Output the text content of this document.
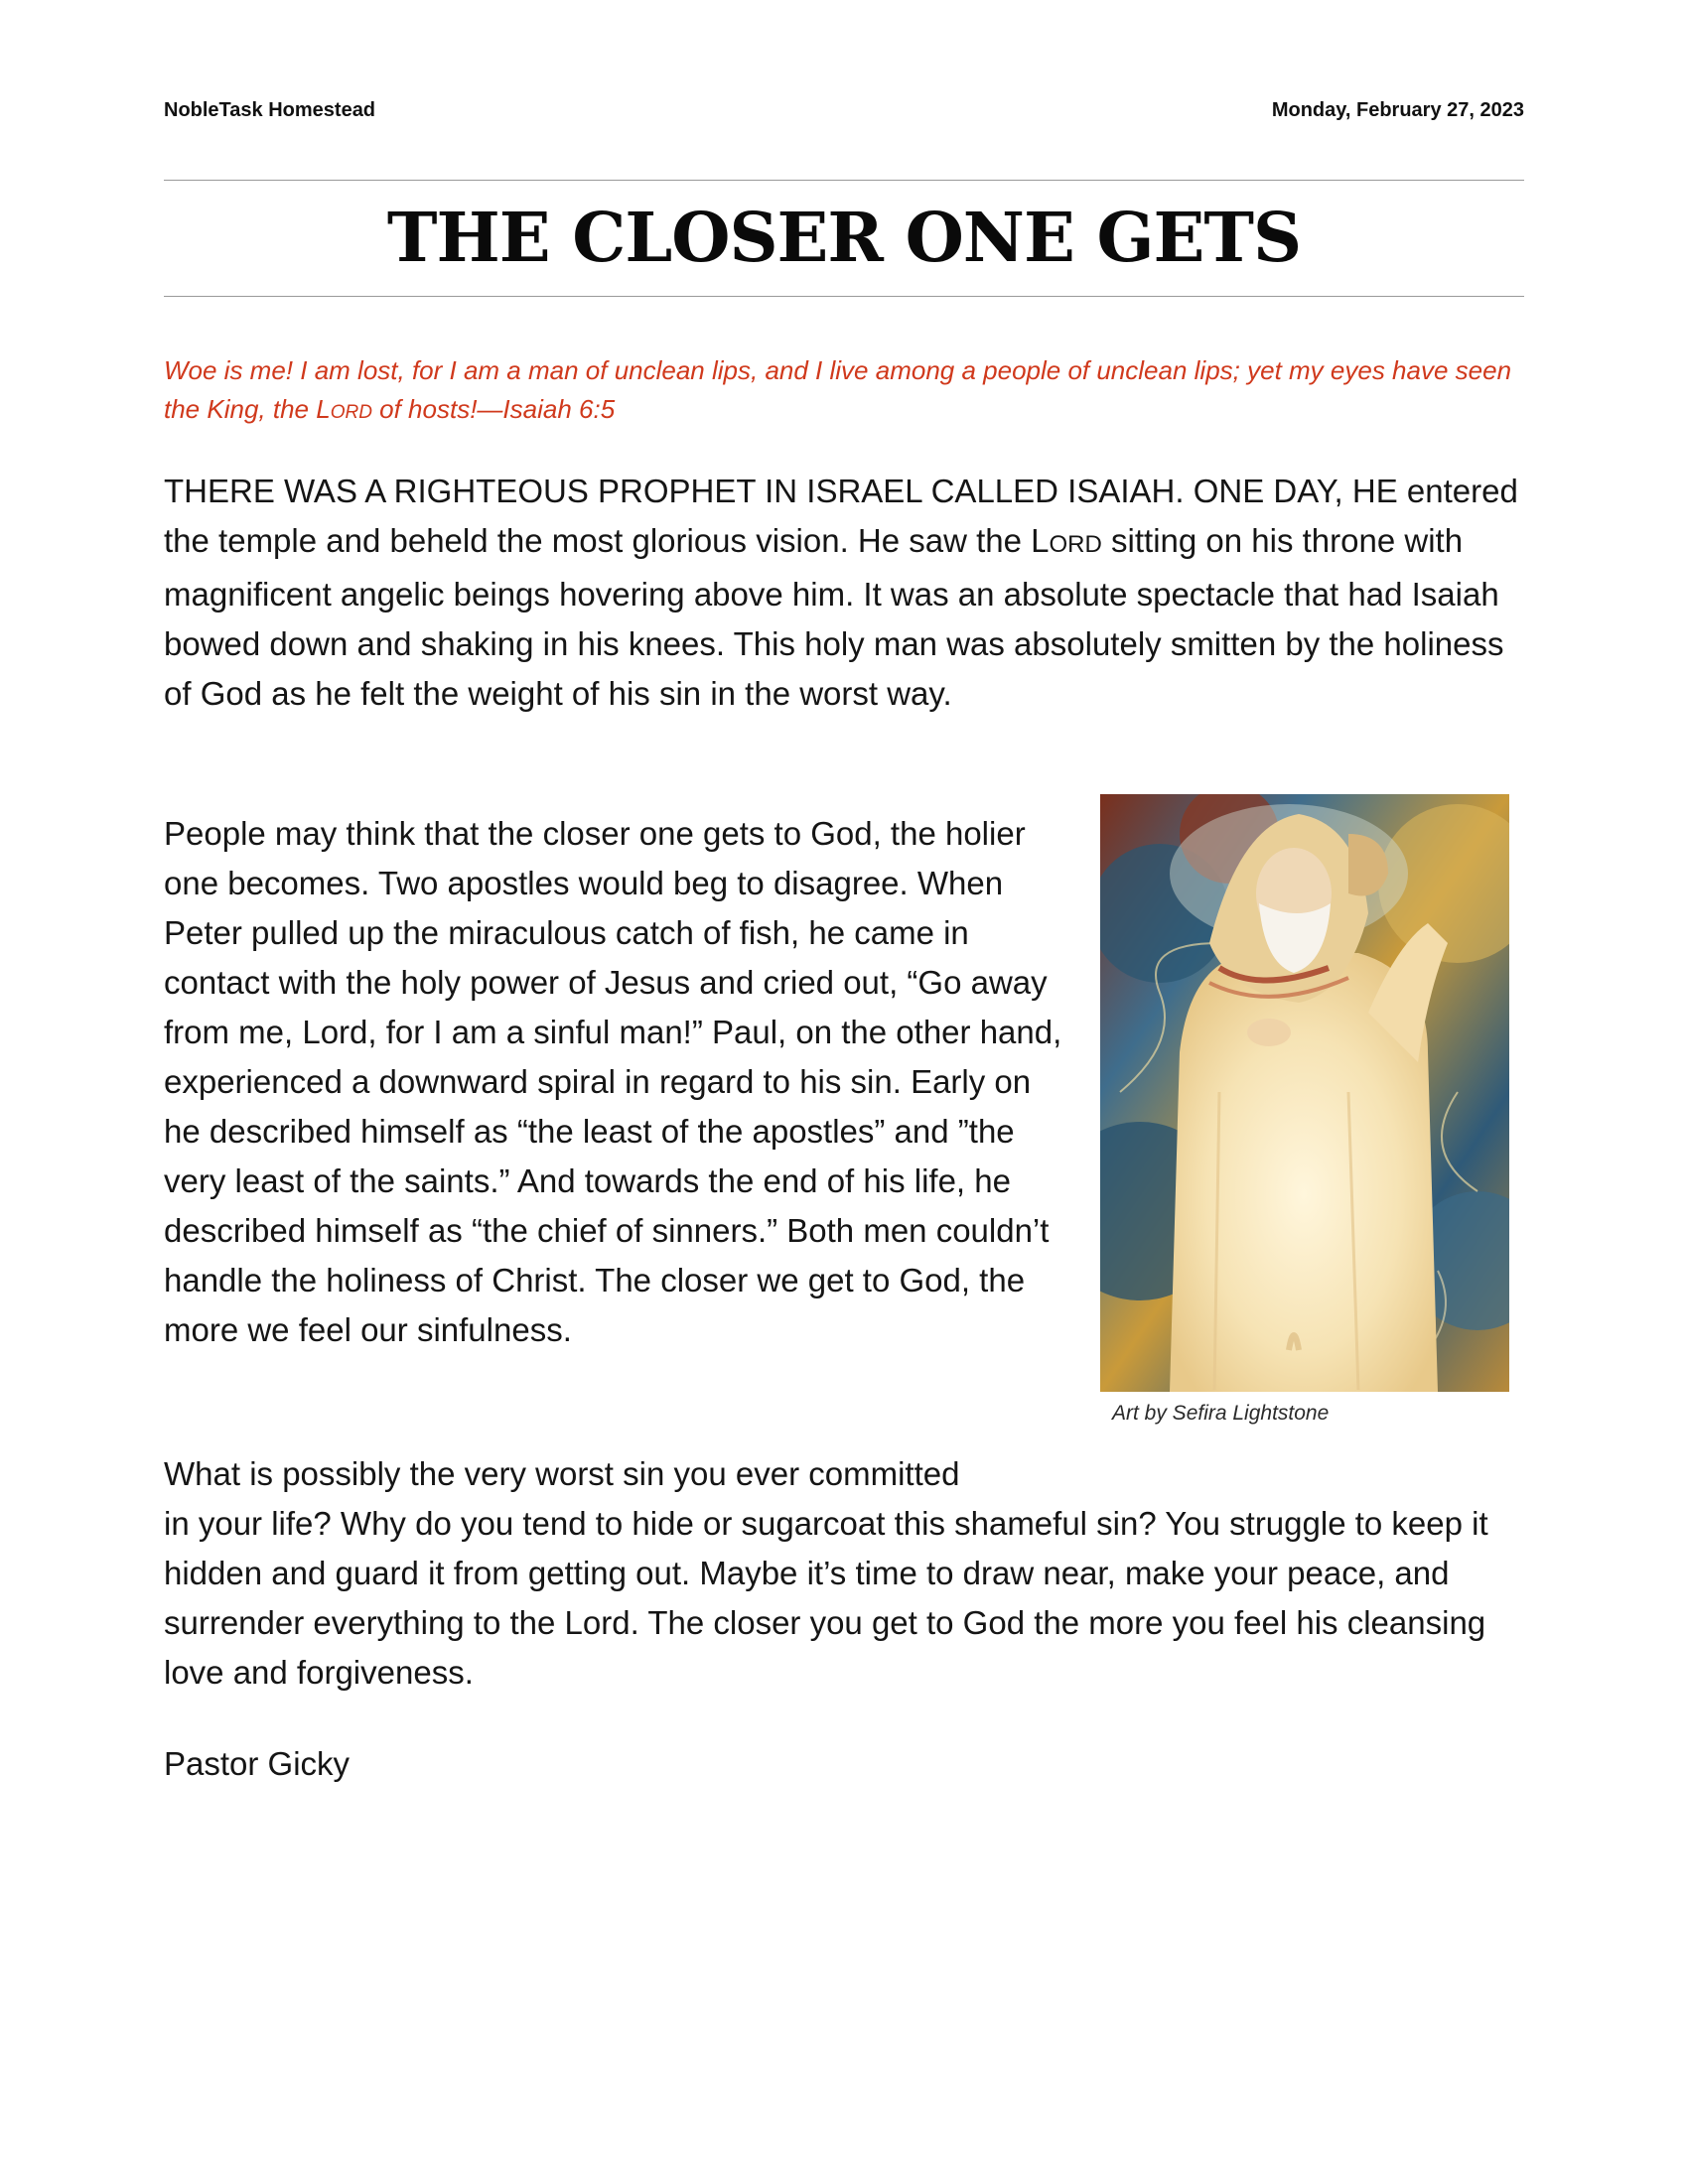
NobleTask Homestead	Monday, February 27, 2023
THE CLOSER ONE GETS

Woe is me! I am lost, for I am a man of unclean lips, and I live among a people of unclean lips; yet my eyes have seen the King, the LORD of hosts!—Isaiah 6:5

THERE WAS A RIGHTEOUS PROPHET IN ISRAEL CALLED ISAIAH. ONE DAY, HE entered the temple and beheld the most glorious vision. He saw the LORD sitting on his throne with magnificent angelic beings hovering above him. It was an absolute spectacle that had Isaiah bowed down and shaking in his knees. This holy man was absolutely smitten by the holiness of God as he felt the weight of his sin in the worst way.

People may think that the closer one gets to God, the holier one becomes. Two apostles would beg to disagree. When Peter pulled up the miraculous catch of fish, he came in contact with the holy power of Jesus and cried out, “Go away from me, Lord, for I am a sinful man!” Paul, on the other hand, experienced a downward spiral in regard to his sin. Early on he described himself as “the least of the apostles” and ”the very least of the saints.” And towards the end of his life, he described himself as “the chief of sinners.” Both men couldn’t handle the holiness of Christ. The closer we get to God, the more we feel our sinfulness.

Art by Sefira Lightstone

What is possibly the very worst sin you ever committed
in your life? Why do you tend to hide or sugarcoat this shameful sin? You struggle to keep it hidden and guard it from getting out. Maybe it’s time to draw near, make your peace, and surrender everything to the Lord. The closer you get to God the more you feel his cleansing love and forgiveness.

Pastor Gicky
